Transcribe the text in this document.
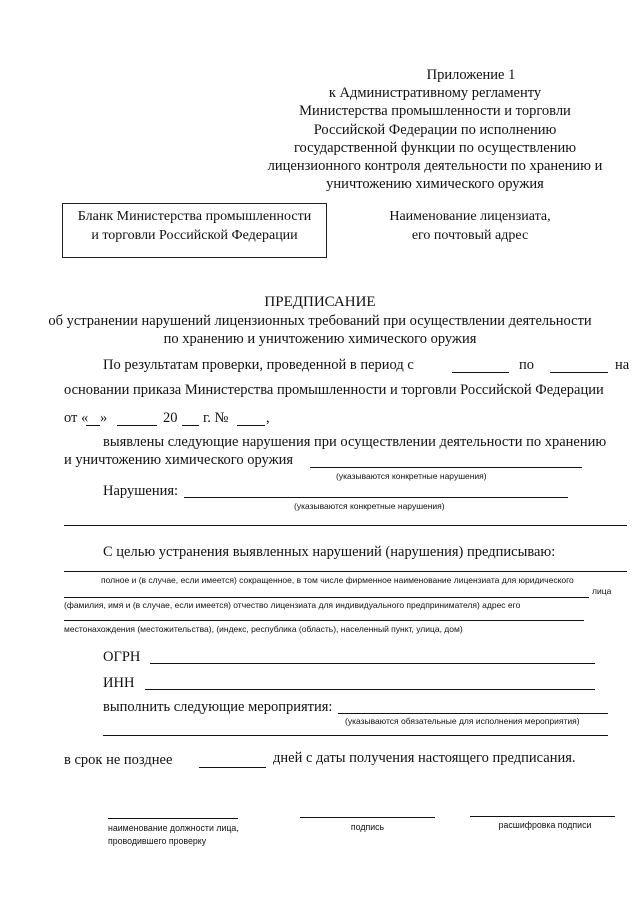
Приложение 1
к Административному регламенту
Министерства промышленности и торговли
Российской Федерации по исполнению
государственной функции по осуществлению
лицензионного контроля деятельности по хранению и
уничтожению химического оружия
Бланк Министерства промышленности
и торговли Российской Федерации
Наименование лицензиата,
его почтовый адрес
ПРЕДПИСАНИЕ
об устранении нарушений лицензионных требований при осуществлении деятельности
по хранению и уничтожению химического оружия
По результатам проверки, проведенной в период с	по	на
основании приказа Министерства промышленности и торговли Российской Федерации
от « »	20 г. №	,
выявлены следующие нарушения при осуществлении деятельности по хранению
и уничтожению химического оружия
(указываются конкретные нарушения)
Нарушения:
(указываются конкретные нарушения)
С целью устранения выявленных нарушений (нарушения) предписываю:
полное и (в случае, если имеется) сокращенное, в том числе фирменное наименование лицензиата для юридического
лица
(фамилия, имя и (в случае, если имеется) отчество лицензиата для индивидуального предпринимателя) адрес его
местонахождения (местожительства), (индекс, республика (область), населенный пункт, улица, дом)
ОГРН
ИНН
выполнить следующие мероприятия:
(указываются обязательные для исполнения мероприятия)
в срок не позднее	дней с даты получения настоящего предписания.
наименование должности лица, проводившего проверку
подпись	расшифровка подписи
